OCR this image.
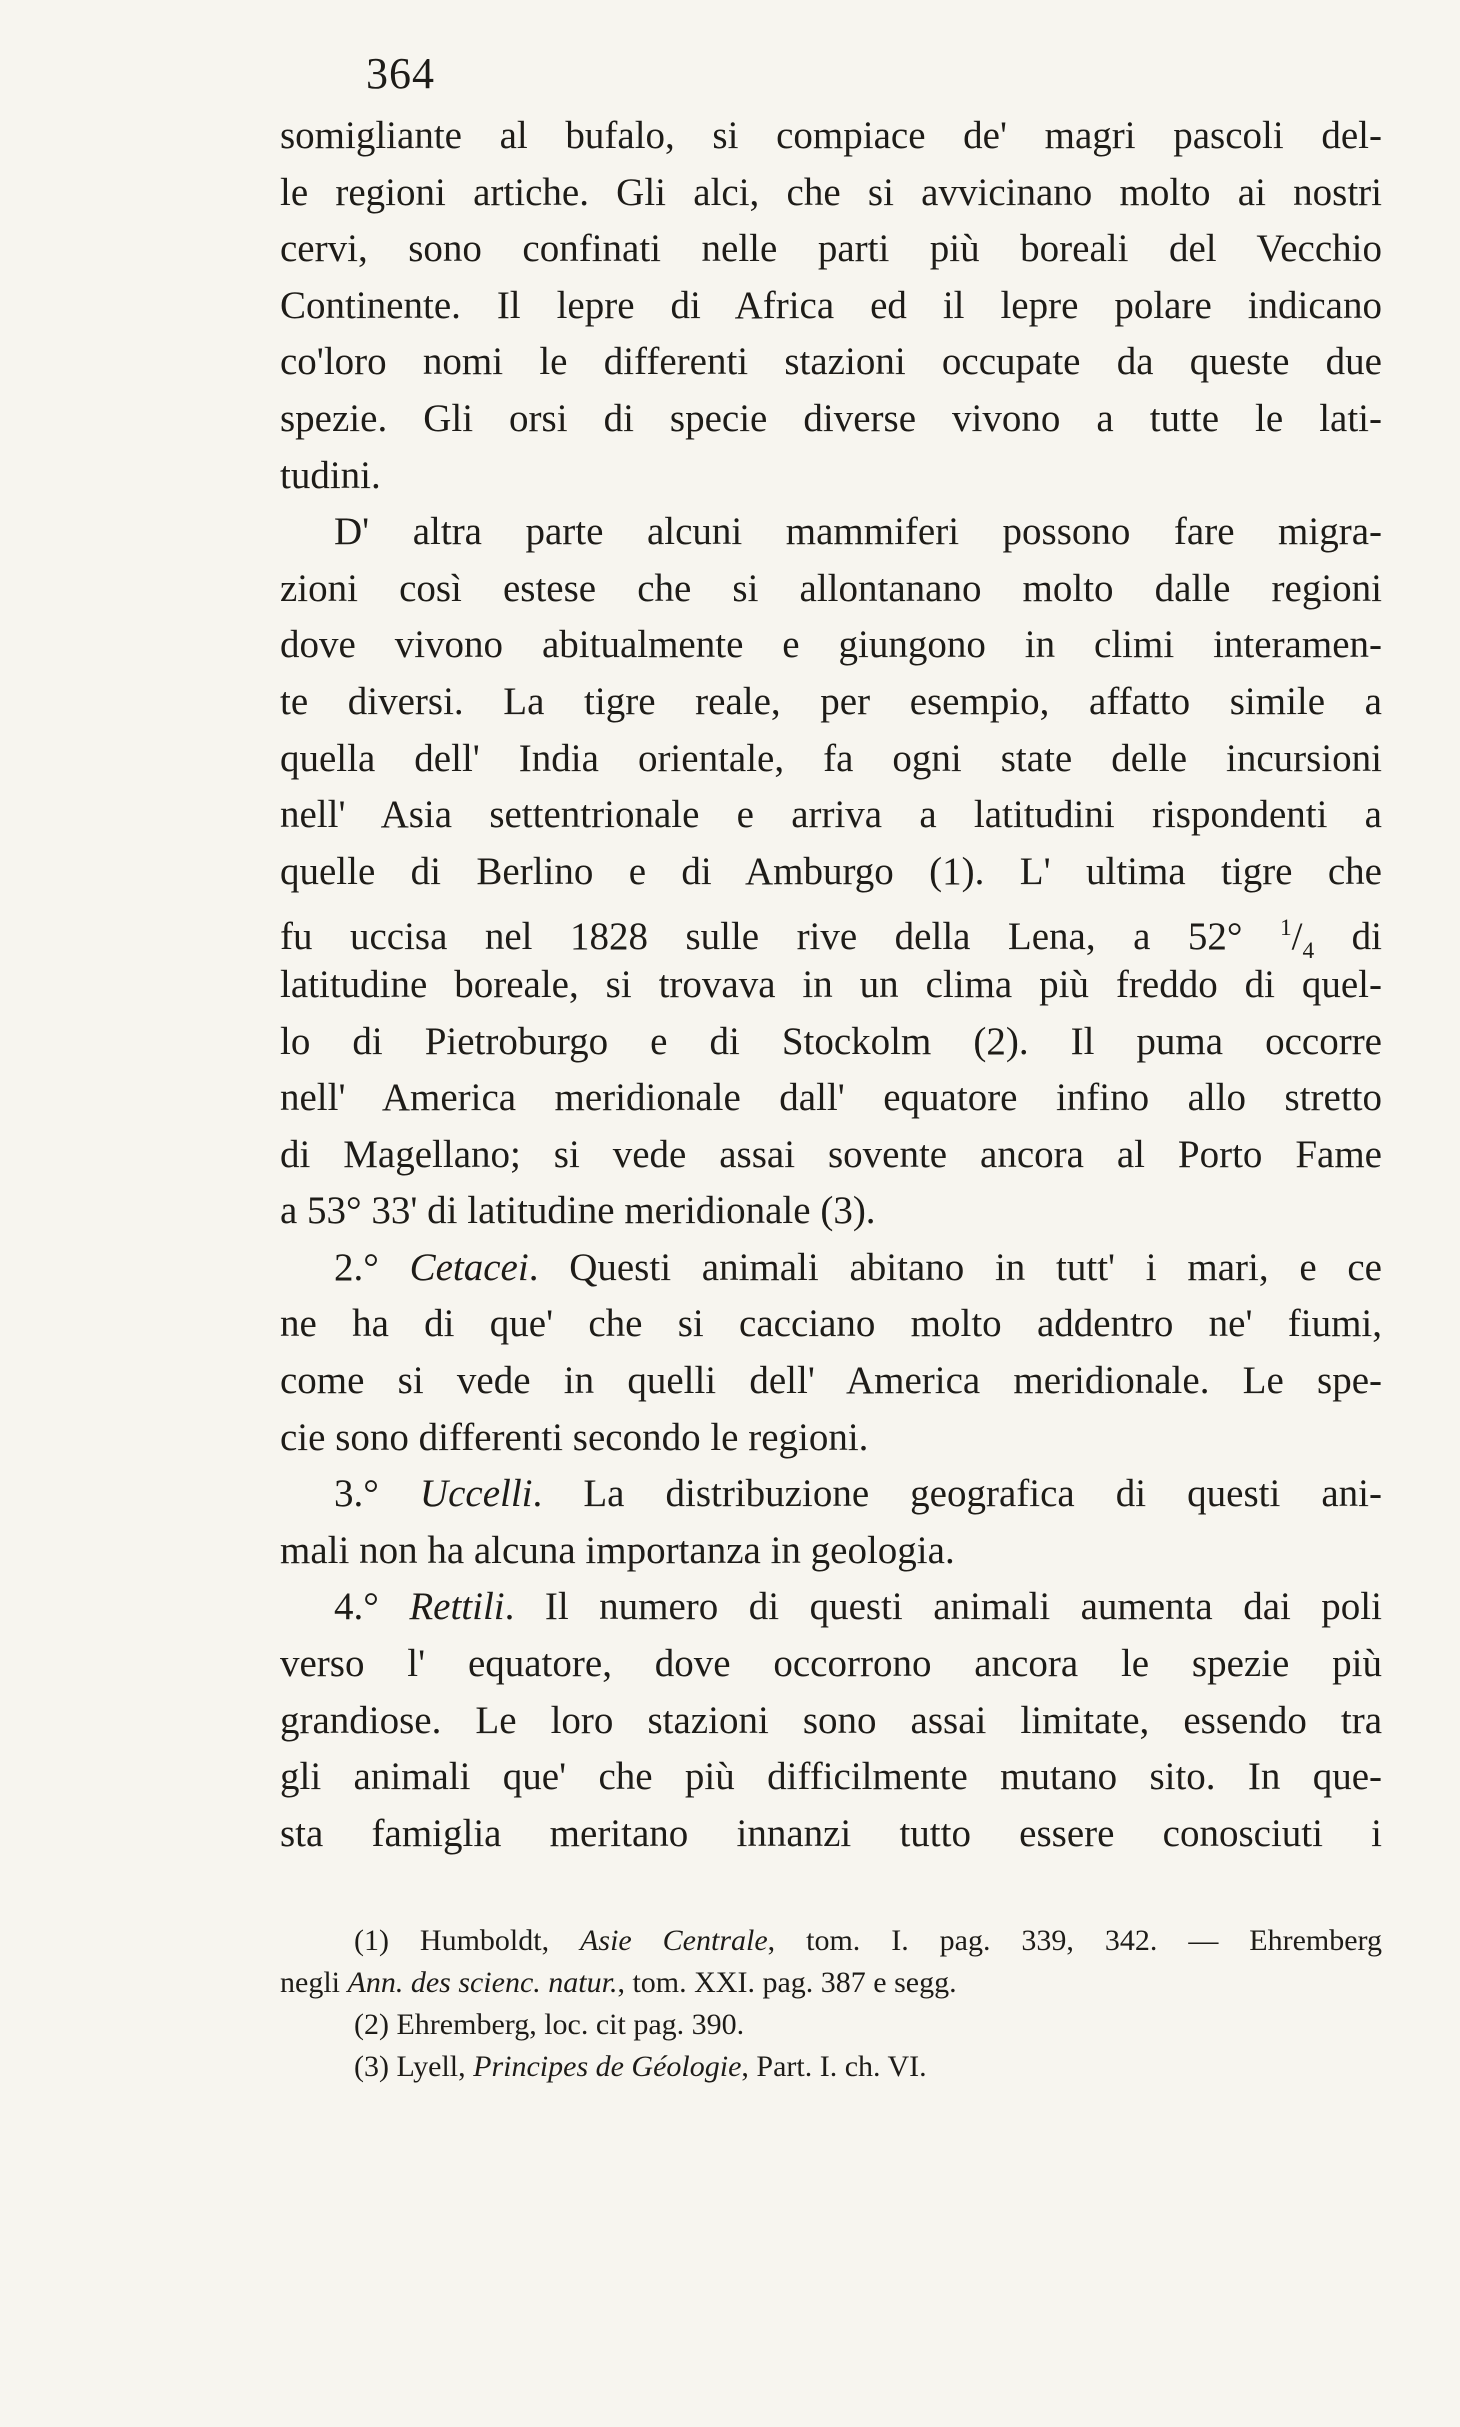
364
somigliante al bufalo, si compiace de' magri pascoli del-
le regioni artiche. Gli alci, che si avvicinano molto ai nostri
cervi, sono confinati nelle parti più boreali del Vecchio
Continente. Il lepre di Africa ed il lepre polare indicano
co'loro nomi le differenti stazioni occupate da queste due
spezie. Gli orsi di specie diverse vivono a tutte le lati-
tudini.
D' altra parte alcuni mammiferi possono fare migra-
zioni così estese che si allontanano molto dalle regioni
dove vivono abitualmente e giungono in climi interamen-
te diversi. La tigre reale, per esempio, affatto simile a
quella dell' India orientale, fa ogni state delle incursioni
nell' Asia settentrionale e arriva a latitudini rispondenti a
quelle di Berlino e di Amburgo (1). L' ultima tigre che
fu uccisa nel 1828 sulle rive della Lena, a 52° $^1/_4$ di
latitudine boreale, si trovava in un clima più freddo di quel-
lo di Pietroburgo e di Stockolm (2). Il puma occorre
nell' America meridionale dall' equatore infino allo stretto
di Magellano; si vede assai sovente ancora al Porto Fame
a 53° 33' di latitudine meridionale (3).
2.° Cetacei. Questi animali abitano in tutt' i mari, e ce
ne ha di que' che si cacciano molto addentro ne' fiumi,
come si vede in quelli dell' America meridionale. Le spe-
cie sono differenti secondo le regioni.
3.° Uccelli. La distribuzione geografica di questi ani-
mali non ha alcuna importanza in geologia.
4.° Rettili. Il numero di questi animali aumenta dai poli
verso l' equatore, dove occorrono ancora le spezie più
grandiose. Le loro stazioni sono assai limitate, essendo tra
gli animali que' che più difficilmente mutano sito. In que-
sta famiglia meritano innanzi tutto essere conosciuti i
(1) Humboldt, Asie Centrale, tom. I. pag. 339, 342. — Ehremberg
negli Ann. des scienc. natur., tom. XXI. pag. 387 e segg.
(2) Ehremberg, loc. cit pag. 390.
(3) Lyell, Principes de Géologie, Part. I. ch. VI.
